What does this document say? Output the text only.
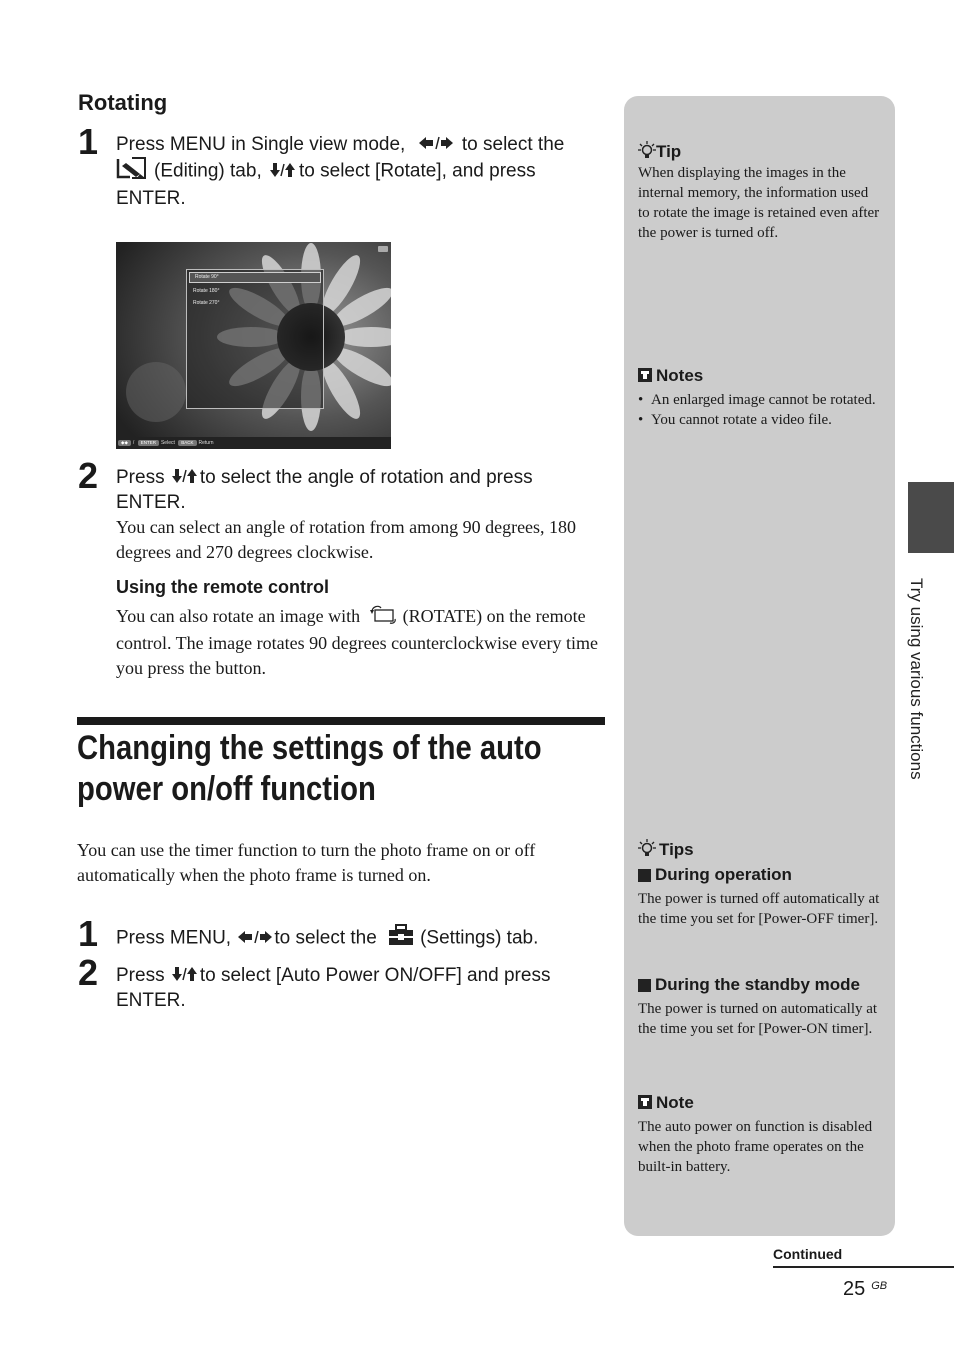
Rotating
1 Press MENU in Single view mode,	to select the
(Editing) tab, to select [Rotate], and press ENTER.
Rotate 90°
Rotate 180°
Rotate 270°
◆◆ / ENTER Select BACK Return
2 Press to select the angle of rotation and press ENTER.
You can select an angle of rotation from among 90 degrees, 180 degrees and 270 degrees clockwise.
Using the remote control
You can also rotate an image with (ROTATE) on the remote control. The image rotates 90 degrees counterclockwise every time you press the button.
Changing the settings of the auto
power on/off function
You can use the timer function to turn the photo frame on or off automatically when the photo frame is turned on.
1 Press MENU, to select the (Settings) tab.
2 Press to select [Auto Power ON/OFF] and press ENTER.
Tip
When displaying the images in the internal memory, the information used to rotate the image is retained even after the power is turned off.
Notes
• An enlarged image cannot be rotated.
• You cannot rotate a video file.
Tips
During operation
The power is turned off automatically at the time you set for [Power-OFF timer].
During the standby mode
The power is turned on automatically at the time you set for [Power-ON timer].
Note
The auto power on function is disabled when the photo frame operates on the built-in battery.
Try using various functions
Continued
25 $^{GB}$
